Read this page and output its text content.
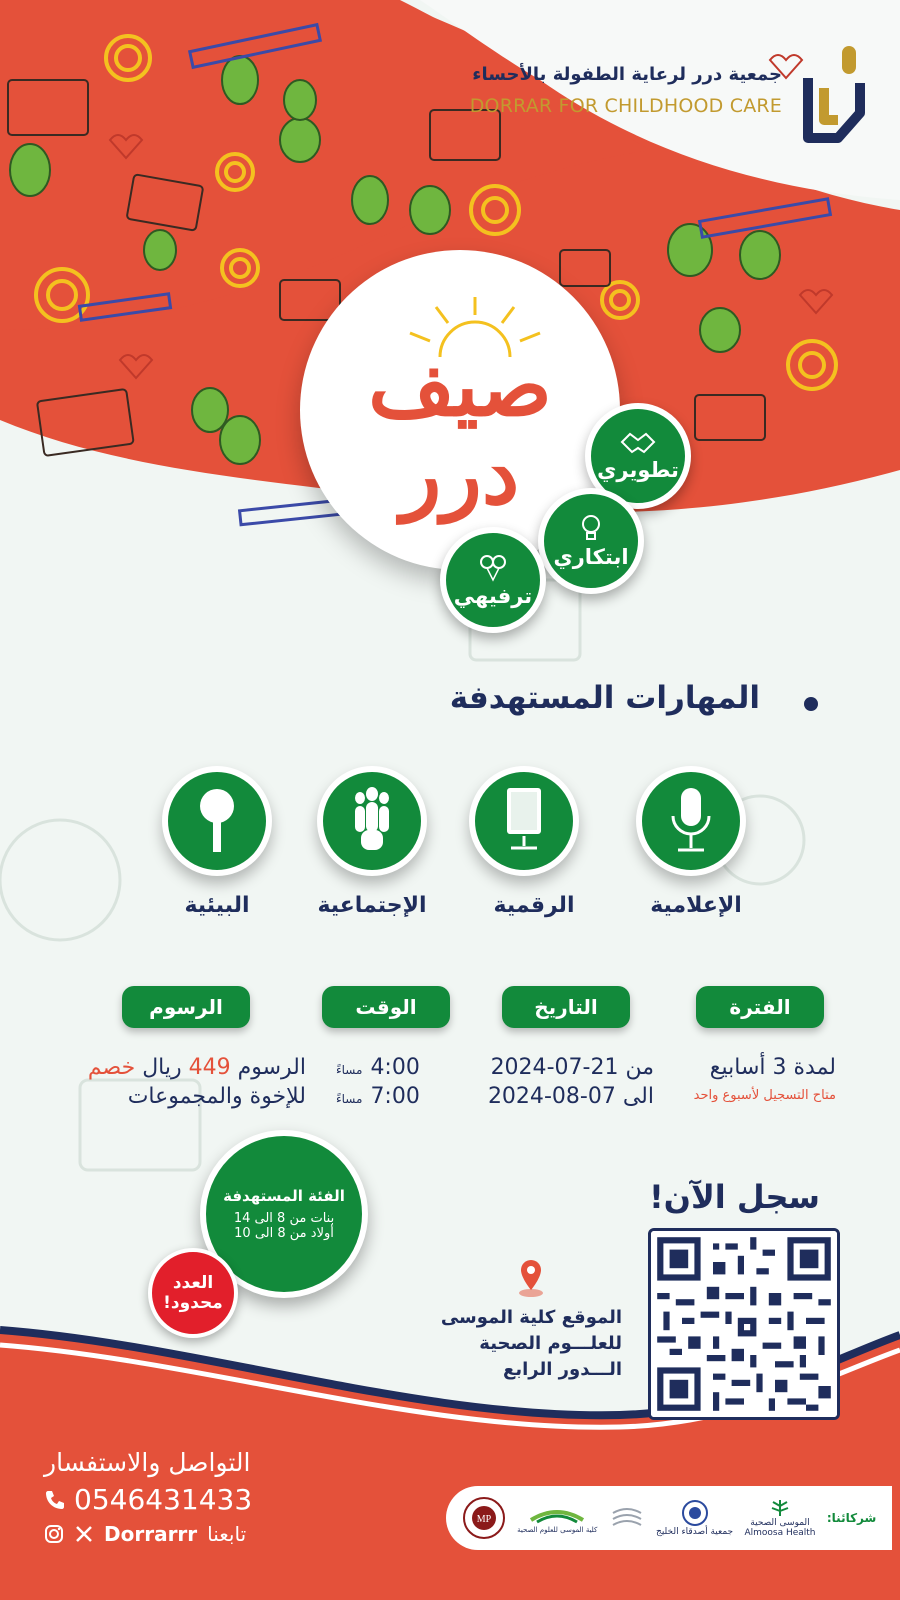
جمعية درر لرعاية الطفولة بالأحساء
DORRAR FOR CHILDHOOD CARE
صيف
درر	تطويري
ابتكاري
ترفيهي
المهارات المستهدفة
الإعلامية
الرقمية
الإجتماعية
البيئية
الفترة
التاريخ
الوقت
الرسوم
لمدة 3 أسابيع
متاح التسجيل لأسبوع واحد
من 21-07-2024
الى 07-08-2024
مساءً 4:00
مساءً 7:00
الرسوم 449 ريال خصم
للإخوة والمجموعات
الفئة المستهدفة
بنات من 8 الى 14
أولاد من 8 الى 10
العدد
محدود!
سجل الآن!
الموقع كلية الموسى
للعلـــوم الصحية
الـــدور الرابع
التواصل والاستفسار
0546431433
Dorrarrr تابعنا
شركائنا:
الموسى الصحية
Almoosa Health
جمعية أصدقاء الخليج
كلية الموسى للعلوم الصحية
MP
